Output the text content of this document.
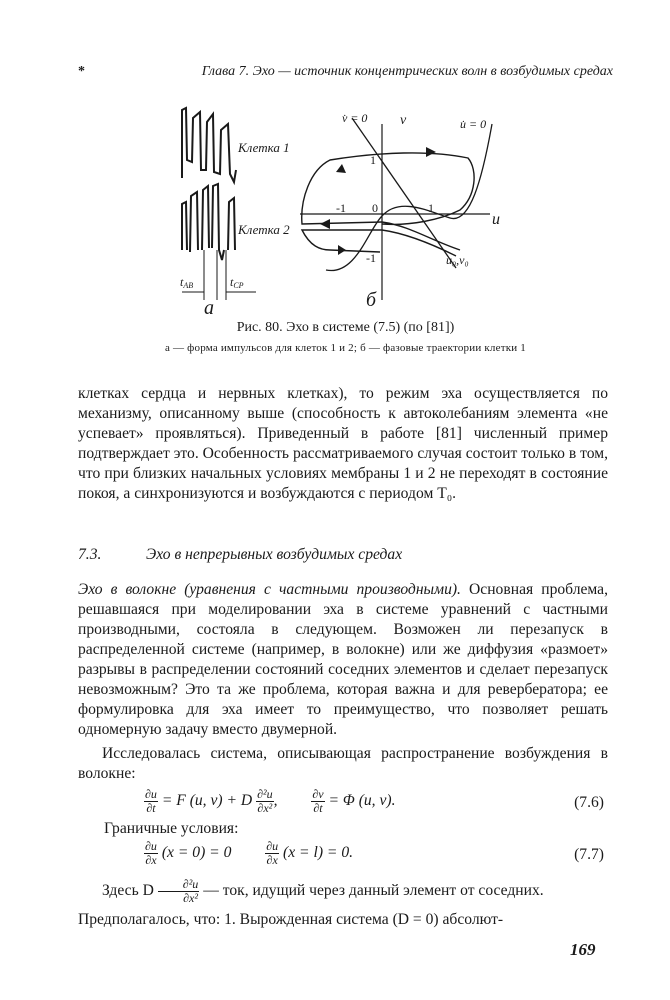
*	Глава 7. Эхо — источник концентрических волн в возбудимых средах
Клетка 1
Клетка 2
tАВ	tСР
а
v̇ = 0 v	u̇ = 0
u
1
-1
1
-1 0
u₀,v₀
б
Рис. 80. Эхо в системе (7.5) (по [81])
а — форма импульсов для клеток 1 и 2; б — фазовые траектории клетки 1
клетках сердца и нервных клетках), то режим эха осуществляется по механизму, описанному выше (способность к автоколебаниям элемента «не успевает» проявляться). Приведенный в работе [81] численный пример подтверждает это. Особенность рассматриваемого случая состоит только в том, что при близких начальных условиях мембраны 1 и 2 не переходят в состояние покоя, а синхронизуются и возбуждаются с периодом T₀.
7.3.	Эхо в непрерывных возбудимых средах
Эхо в волокне (уравнения с частными производными). Основная проблема, решавшаяся при моделировании эха в системе уравнений с частными производными, состояла в следующем. Возможен ли перезапуск в распределенной системе (например, в волокне) или же диффузия «размоет» разрывы в распределении состояний соседних элементов и сделает перезапуск невозможным? Это та же проблема, которая важна и для ревербератора; ее формулировка для эха имеет то преимущество, что позволяет решать одномерную задачу вместо двумерной.
Исследовалась система, описывающая распространение возбуждения в волокне:
$\frac{\partial u}{\partial t} = F$ (u, v) + D $\frac{\text{∂²u}}{\text{∂x²}}$ ,	$\frac{\partial v}{\partial t} = \Phi$ (u, v).	(7.6)
Граничные условия:
$\frac{\partial u}{\partial x} (x = 0) = 0$	$\frac{\partial u}{\partial x} (x = l) = 0$.	(7.7)
Здесь D $\frac{\text{∂²u}}{\text{∂x²}}$ — ток, идущий через данный элемент от соседних.
Предполагалось, что: 1. Вырожденная система (D = 0) абсолют-
169
